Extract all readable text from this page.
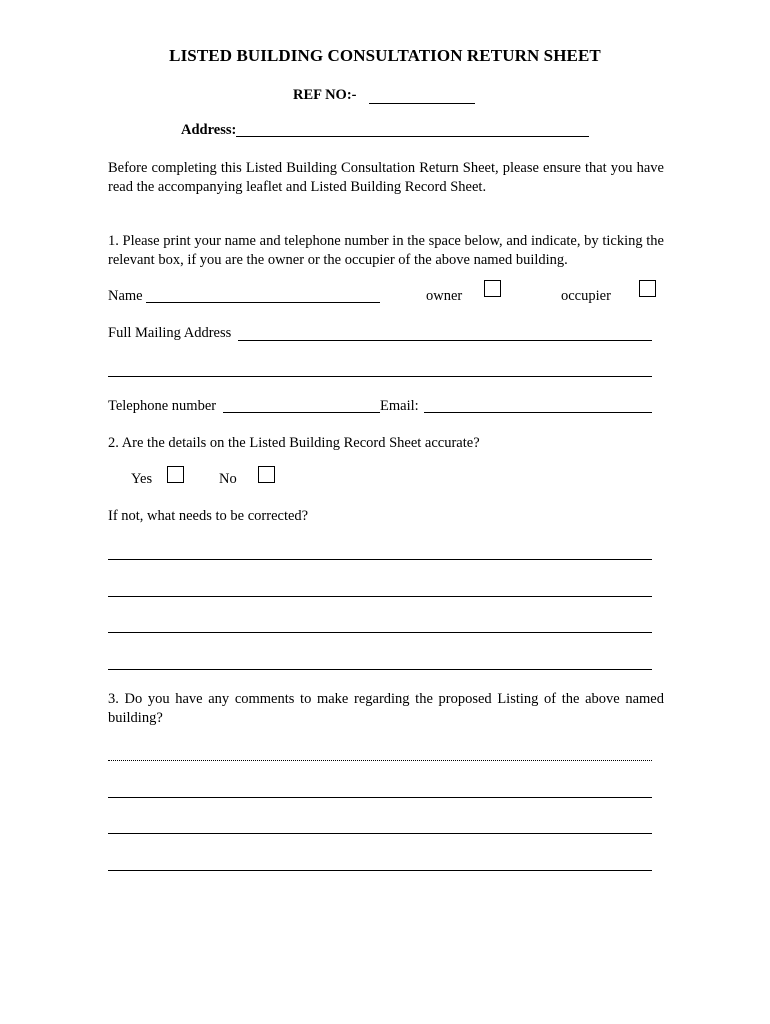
LISTED BUILDING CONSULTATION RETURN SHEET
REF NO:-
Address:
Before completing this Listed Building Consultation Return Sheet, please ensure that you have read the accompanying leaflet and Listed Building Record Sheet.
1. Please print your name and telephone number in the space below, and indicate, by ticking the relevant box, if you are the owner or the occupier of the above named building.
Name	owner	occupier
Full Mailing Address
Telephone number	Email:
2. Are the details on the Listed Building Record Sheet accurate?
Yes	No
If not, what needs to be corrected?
3. Do you have any comments to make regarding the proposed Listing of the above named building?
